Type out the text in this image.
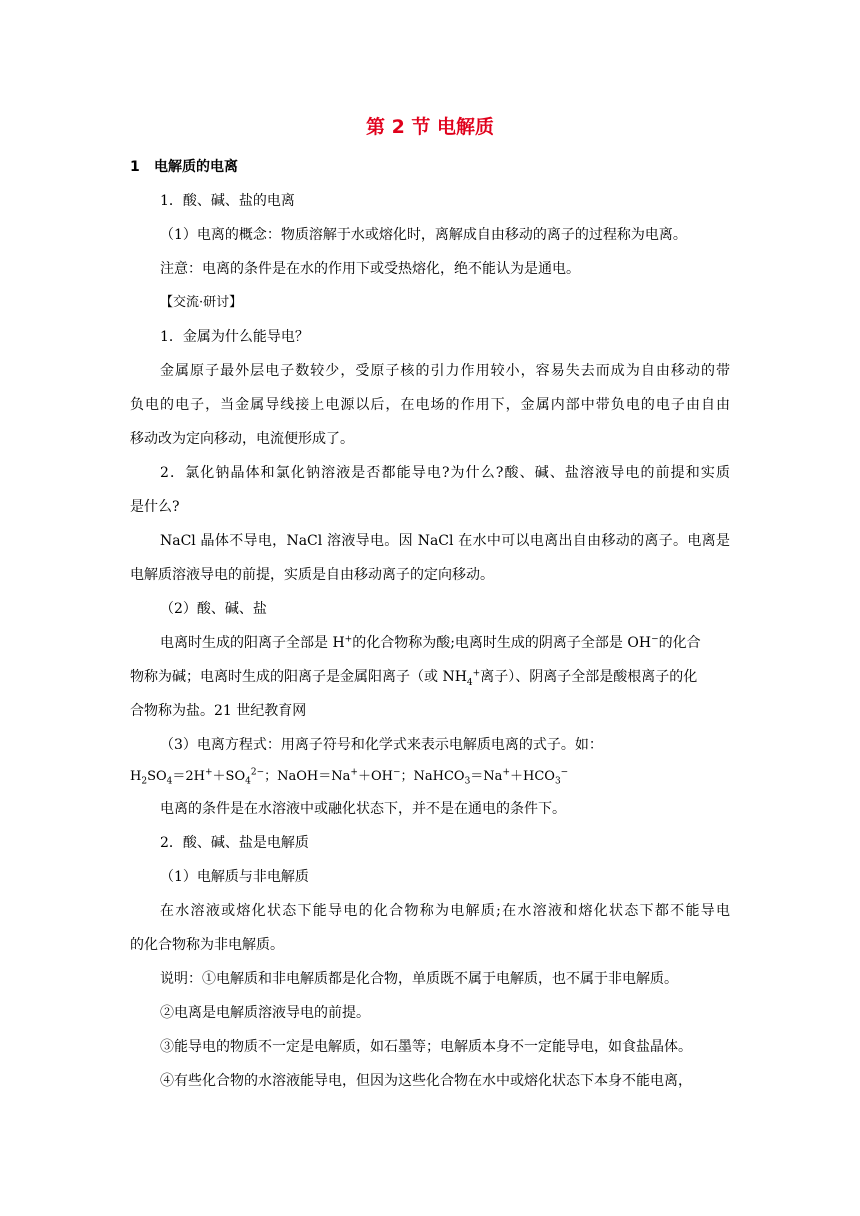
第 2 节 电解质
1 电解质的电离
1．酸、碱、盐的电离
（1）电离的概念：物质溶解于水或熔化时，离解成自由移动的离子的过程称为电离。
注意：电离的条件是在水的作用下或受热熔化，绝不能认为是通电。
【交流·研讨】
1．金属为什么能导电？
金属原子最外层电子数较少，受原子核的引力作用较小，容易失去而成为自由移动的带
负电的电子，当金属导线接上电源以后，在电场的作用下，金属内部中带负电的电子由自由
移动改为定向移动，电流便形成了。
2．氯化钠晶体和氯化钠溶液是否都能导电?为什么?酸、碱、盐溶液导电的前提和实质
是什么?
NaCl 晶体不导电，NaCl 溶液导电。因 NaCl 在水中可以电离出自由移动的离子。电离是
电解质溶液导电的前提，实质是自由移动离子的定向移动。
（2）酸、碱、盐
电离时生成的阳离子全部是 H+的化合物称为酸;电离时生成的阴离子全部是 OH−的化合
物称为碱；电离时生成的阳离子是金属阳离子（或 $NH_4^+$离子）、阴离子全部是酸根离子的化
合物称为盐。21 世纪教育网
（3）电离方程式：用离子符号和化学式来表示电解质电离的式子。如：
$H_2SO_4=2H^++SO_4^{2-}$；NaOH＝Na+＋OH−；$NaHCO_3=Na^++HCO_3^-$
电离的条件是在水溶液中或融化状态下，并不是在通电的条件下。
2．酸、碱、盐是电解质
（1）电解质与非电解质
在水溶液或熔化状态下能导电的化合物称为电解质;在水溶液和熔化状态下都不能导电
的化合物称为非电解质。
说明：①电解质和非电解质都是化合物，单质既不属于电解质，也不属于非电解质。
②电离是电解质溶液导电的前提。
③能导电的物质不一定是电解质，如石墨等；电解质本身不一定能导电，如食盐晶体。
④有些化合物的水溶液能导电，但因为这些化合物在水中或熔化状态下本身不能电离，
